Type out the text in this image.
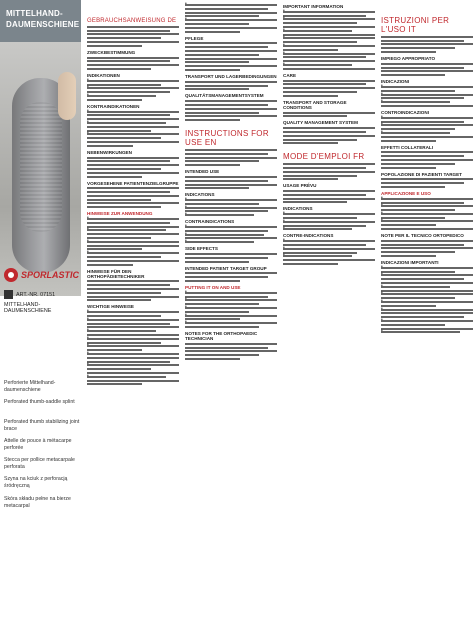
MITTELHAND-
DAUMENSCHIENE
SPORLASTIC
ART.-NR. 07151
MITTELHAND-DAUMENSCHIENE
Perforierte Mittelhand-daumenschiene
Perforated thumb-saddle splint
Perforated thumb stabilizing joint brace
Attelle de pouce à métacarpe perforée
Stecca per pollice metacarpale perforata
Szyna na kciuk z perforacją śródręczną
Skóra składu pełne na bierze metacarpal
GEBRAUCHSANWEISUNG DE
ZWECKBESTIMMUNG
INDIKATIONEN
•
•
•
KONTRAINDIKATIONEN
•
•
•
NEBENWIRKUNGEN
VORGESEHENE PATIENTENZIELGRUPPE
HINWEISE ZUR ANWENDUNG
•
•
•
•
HINWEISE FÜR DEN ORTHOPÄDIETECHNIKER
WICHTIGE HINWEISE
•
•
•
•
•
•
•
•
•
•
PFLEGE
TRANSPORT UND LAGERBEDINGUNGEN
QUALITÄTSMANAGEMENTSYSTEM
INSTRUCTIONS FOR USE EN
INTENDED USE
INDICATIONS
•
•
•
CONTRAINDICATIONS
•
•
•
SIDE EFFECTS
INTENDED PATIENT TARGET GROUP
PUTTING IT ON AND USE
•
•
•
•
•
NOTES FOR THE ORTHOPAEDIC TECHNICIAN
IMPORTANT INFORMATION
•
•
•
•
•
•
•
CARE
TRANSPORT AND STORAGE CONDITIONS
QUALITY MANAGEMENT SYSTEM
MODE D'EMPLOI FR
USAGE PRÉVU
INDICATIONS
•
•
•
CONTRE-INDICATIONS
•
•
•
ISTRUZIONI PER L'USO IT
IMPIEGO APPROPRIATO
INDICAZIONI
•
•
•
CONTROINDICAZIONI
•
•
•
EFFETTI COLLATERALI
POPOLAZIONE DI PAZIENTI TARGET
APPLICAZIONE E USO
•
•
•
•
NOTE PER IL TECNICO ORTOPEDICO
INDICAZIONI IMPORTANTI
•
•
•
•
•
•
•
•
